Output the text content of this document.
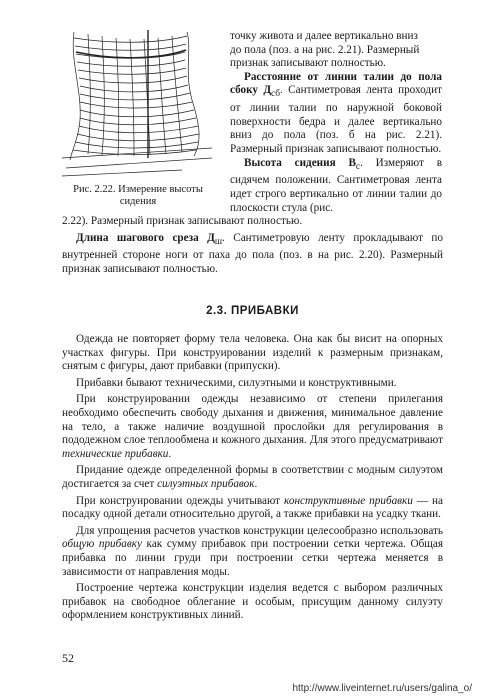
Рис. 2.22. Измерение высоты сидения

точку живота и далее вертикально вниз

до пола (поз. а на рис. 2.21). Размерный

признак записывают полностью.

Расстояние от линии талии до пола сбоку $Д_{сб}$. Сантиметровая лента проходит от линии талии по наружной боковой поверхности бедра и далее вертикально вниз до пола (поз. б на рис. 2.21). Размерный признак записывают полностью.

Высота сидения $В_с$. Измеряют в сидячем положении. Сантиметровая лента идет строго вертикально от линии талии до плоскости стула (рис.

2.22). Размерный признак записывают полностью.

Длина шагового среза $Д_ш$. Сантиметровую ленту прокладывают по внутренней стороне ноги от паха до пола (поз. в на рис. 2.20). Размерный признак записывают полностью.

2.3. ПРИБАВКИ

Одежда не повторяет форму тела человека. Она как бы висит на опорных участках фигуры. При конструировании изделий к размерным признакам, снятым с фигуры, дают прибавки (припуски).

Прибавки бывают техническими, силуэтными и конструктивными.

При конструировании одежды независимо от степени прилегания необходимо обеспечить свободу дыхания и движения, минимальное давление на тело, а также наличие воздушной прослойки для регулирования в пододежном слое теплообмена и кожного дыхания. Для этого предусматривают технические прибавки.

Придание одежде определенной формы в соответствии с модным силуэтом достигается за счет силуэтных прибавок.

При конструировании одежды учитывают конструктивные прибавки — на посадку одной детали относительно другой, а также прибавки на усадку ткани.

Для упрощения расчетов участков конструкции целесообразно использовать общую прибавку как сумму прибавок при построении сетки чертежа. Общая прибавка по линии груди при построении сетки чертежа меняется в зависимости от направления моды.

Построение чертежа конструкции изделия ведется с выбором различных прибавок на свободное облегание и особым, присущим данному силуэту оформлением конструктивных линий.

52
http://www.liveinternet.ru/users/galina_o/
